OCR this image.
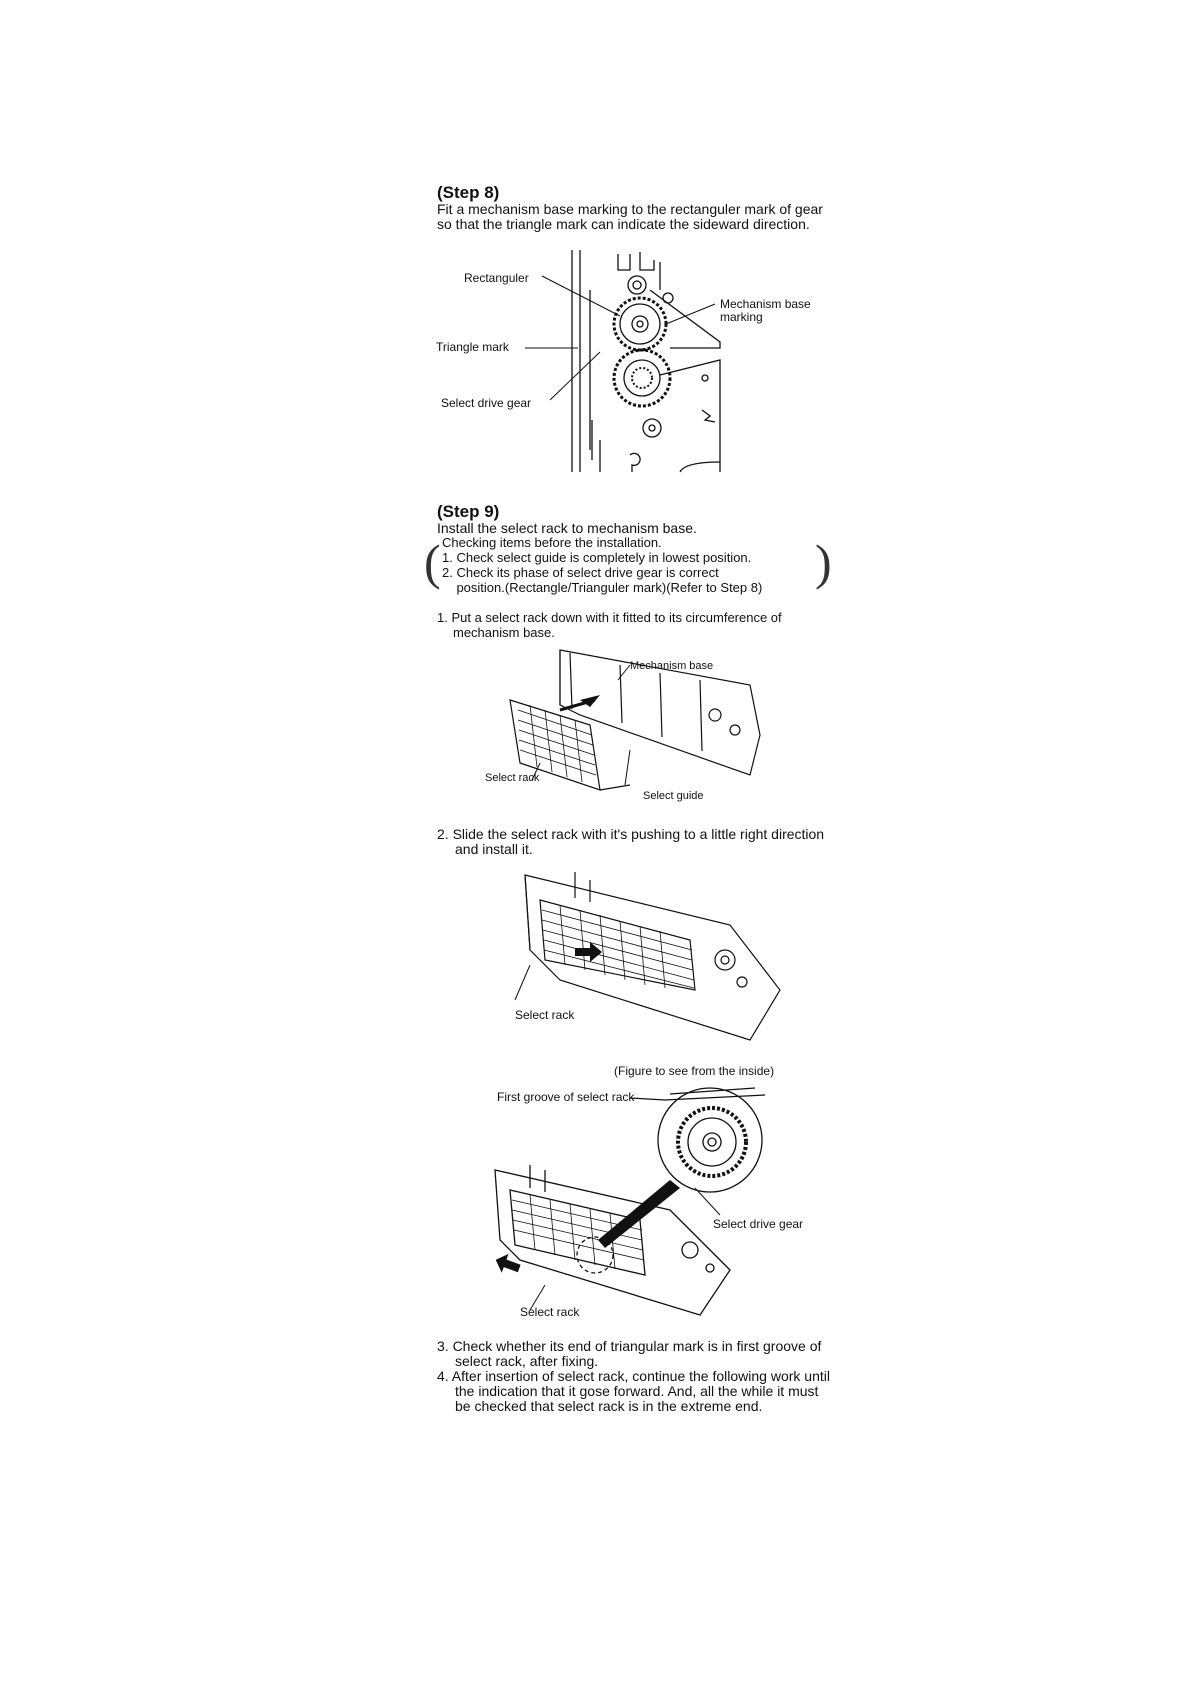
(Step 8)

Fit a mechanism base marking to the rectanguler mark of gear so that the triangle mark can indicate the sideward direction.

Rectanguler
Mechanism base marking
Triangle mark
Select drive gear

(Step 9)

Install the select rack to mechanism base.

(	)

Checking items before the installation.

1. Check select guide is completely in lowest position.

2. Check its phase of select drive gear is correct

position.(Rectangle/Trianguler mark)(Refer to Step 8)

1. Put a select rack down with it fitted to its circumference of mechanism base.

Mechanism base
Select rack
Select guide

2. Slide the select rack with it's pushing to a little right direction and install it.

Select rack
(Figure to see from the inside)
First groove of select rack
Select drive gear
Select rack

3. Check whether its end of triangular mark is in first groove of select rack, after fixing.

4. After insertion of select rack, continue the following work until the indication that it gose forward. And, all the while it must be checked that select rack is in the extreme end.
